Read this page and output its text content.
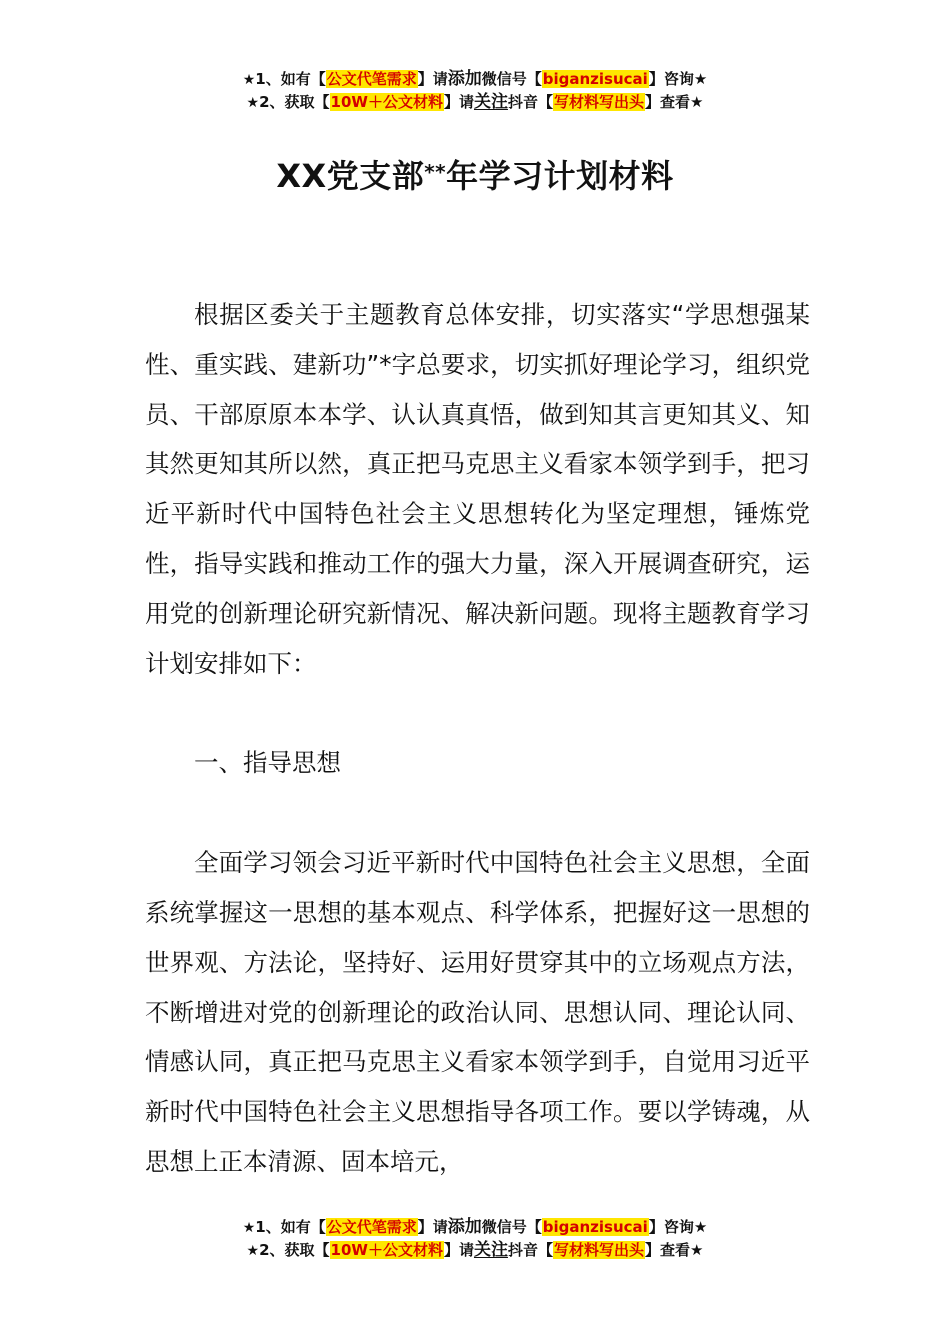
★1、如有【公文代笔需求】请添加微信号【biganzisucai】咨询★
★2、获取【10W＋公文材料】请关注抖音【写材料写出头】查看★
XX党支部**年学习计划材料

根据区委关于主题教育总体安排，切实落实“学思想强某性、重实践、建新功”*字总要求，切实抓好理论学习，组织党员、干部原原本本学、认认真真悟，做到知其言更知其义、知其然更知其所以然，真正把马克思主义看家本领学到手，把习近平新时代中国特色社会主义思想转化为坚定理想，锤炼党性，指导实践和推动工作的强大力量，深入开展调查研究，运用党的创新理论研究新情况、解决新问题。现将主题教育学习计划安排如下：

一、指导思想

全面学习领会习近平新时代中国特色社会主义思想，全面系统掌握这一思想的基本观点、科学体系，把握好这一思想的世界观、方法论，坚持好、运用好贯穿其中的立场观点方法，不断增进对党的创新理论的政治认同、思想认同、理论认同、情感认同，真正把马克思主义看家本领学到手，自觉用习近平新时代中国特色社会主义思想指导各项工作。要以学铸魂，从思想上正本清源、固本培元，

★1、如有【公文代笔需求】请添加微信号【biganzisucai】咨询★
★2、获取【10W＋公文材料】请关注抖音【写材料写出头】查看★
